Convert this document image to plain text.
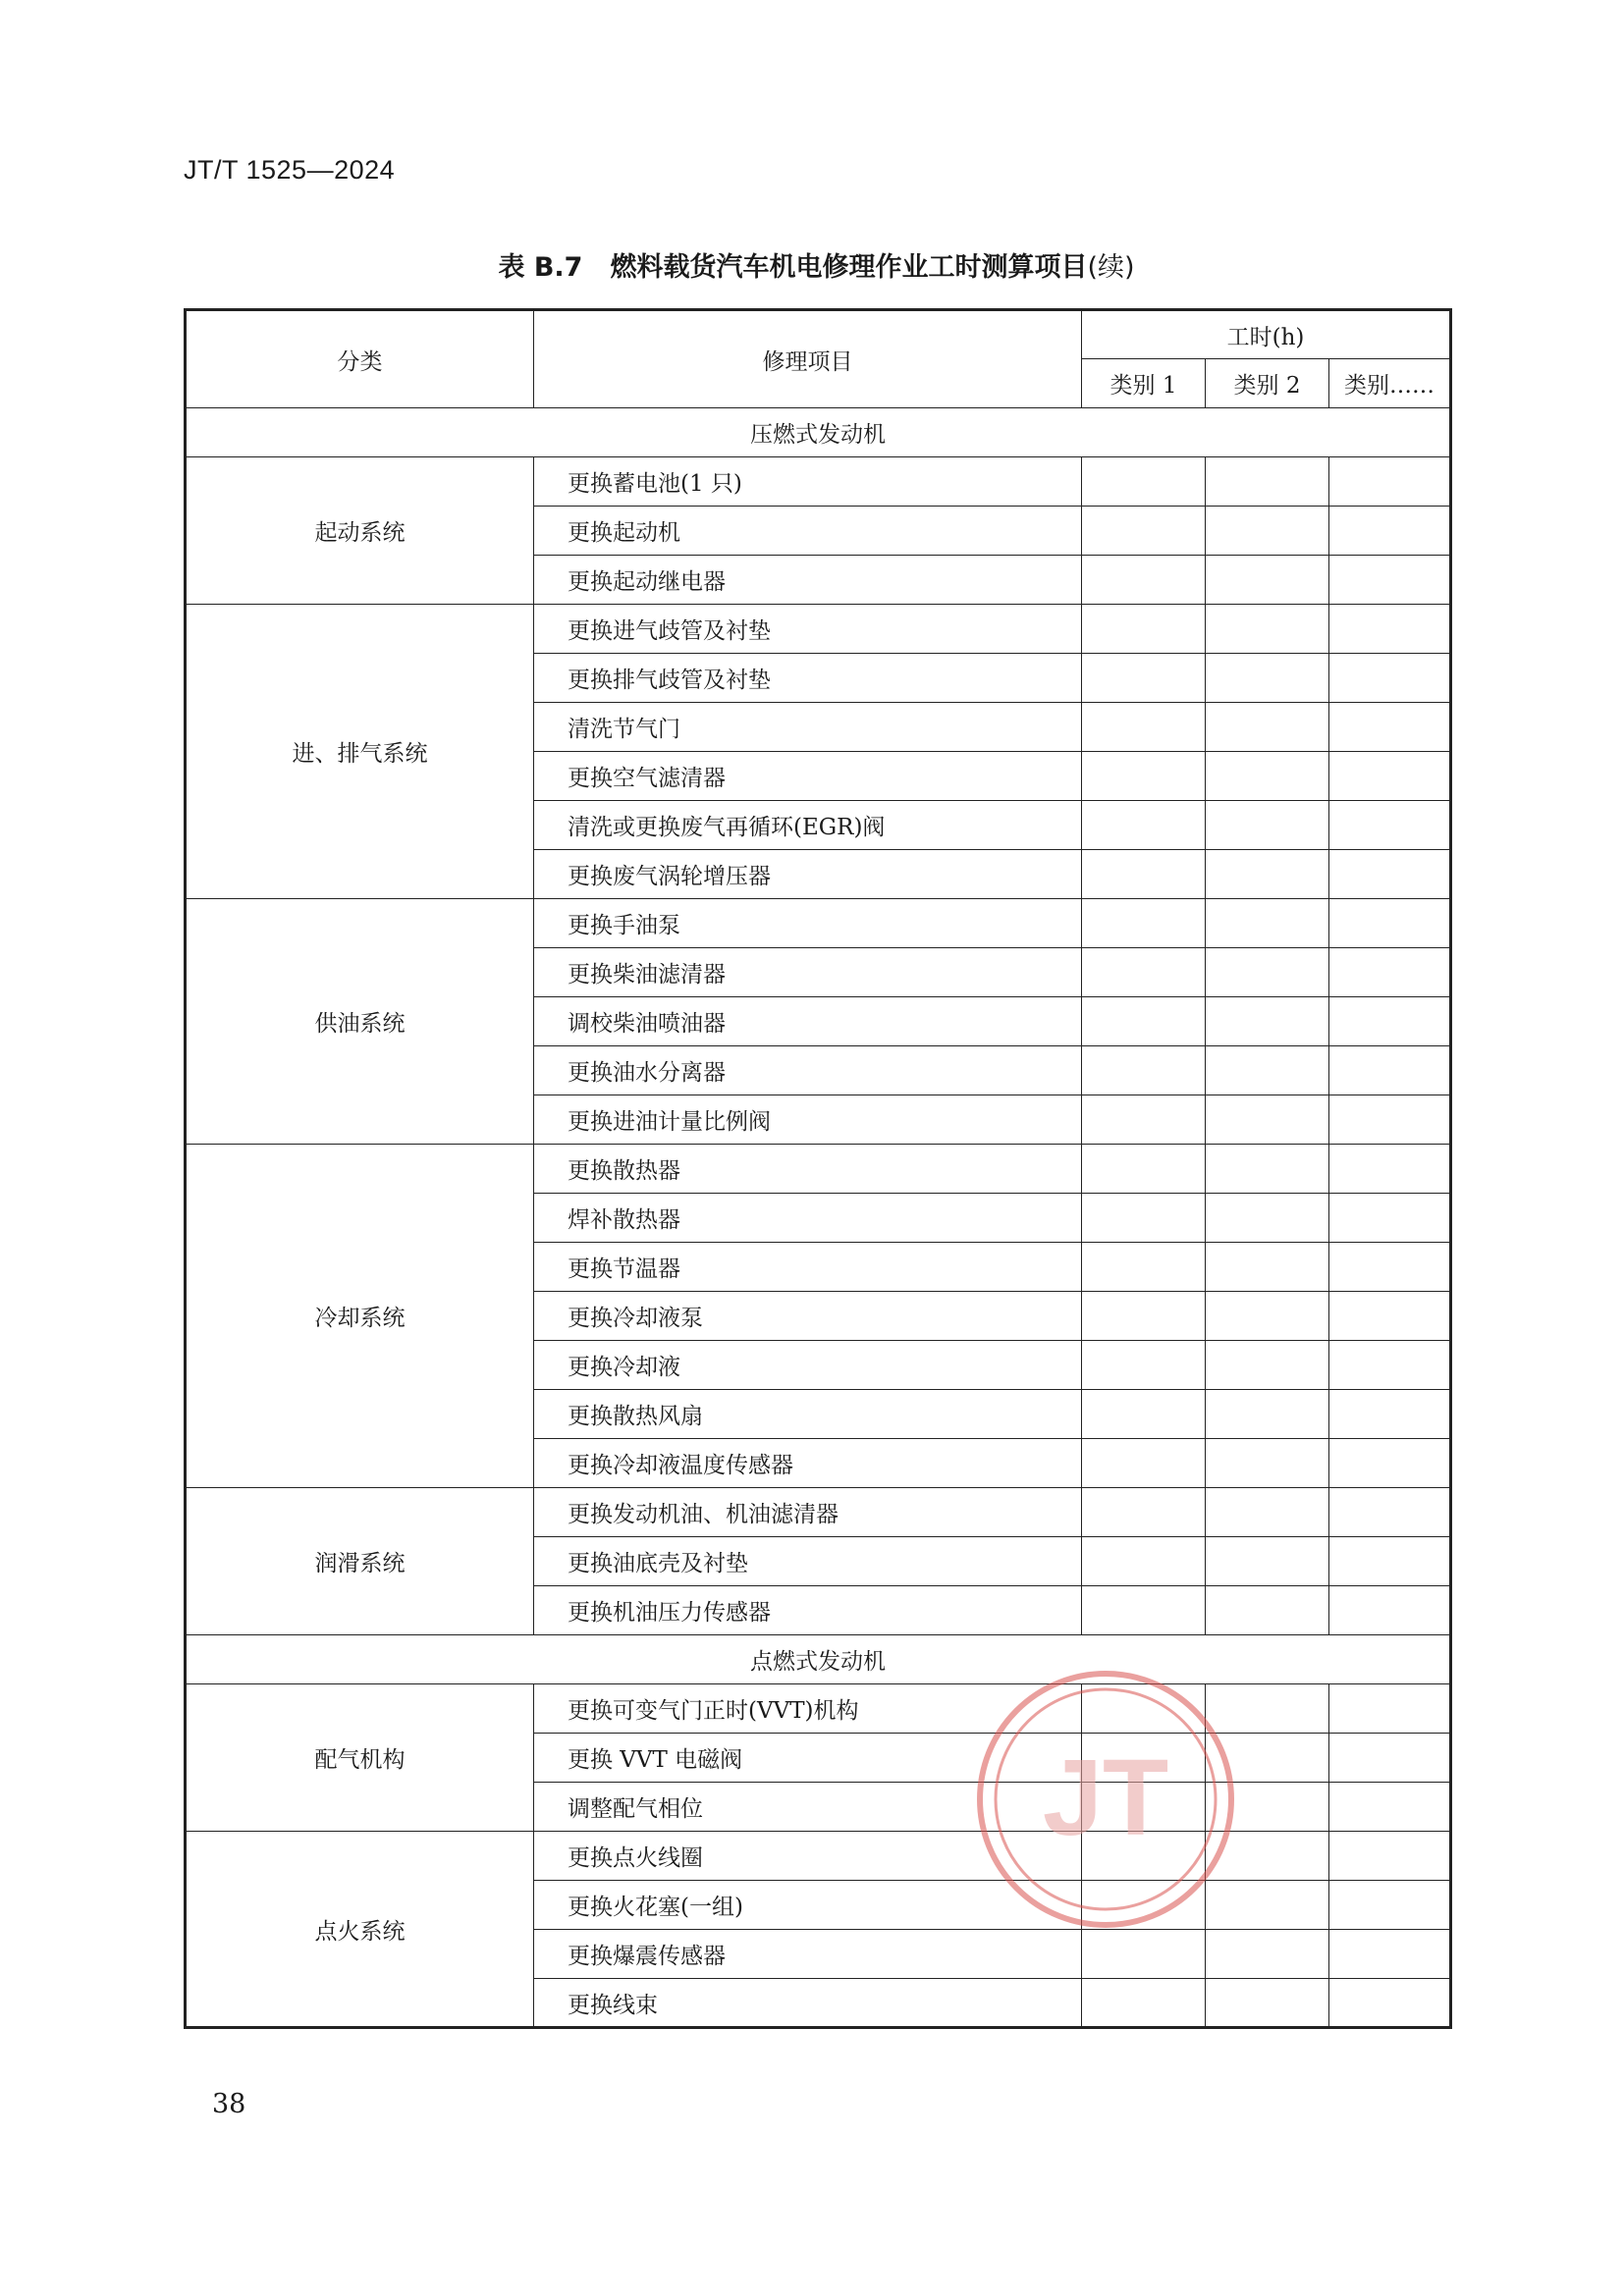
JT/T 1525—2024
表 B.7 燃料载货汽车机电修理作业工时测算项目(续)
分类	修理项目	工时(h)		
		类别 1	类别 2	类别……
压燃式发动机				
起动系统	更换蓄电池(1 只)			
	更换起动机			
	更换起动继电器			
进、排气系统	更换进气歧管及衬垫			
	更换排气歧管及衬垫			
	清洗节气门			
	更换空气滤清器			
	清洗或更换废气再循环(EGR)阀			
	更换废气涡轮增压器			
供油系统	更换手油泵			
	更换柴油滤清器			
	调校柴油喷油器			
	更换油水分离器			
	更换进油计量比例阀			
冷却系统	更换散热器			
	焊补散热器			
	更换节温器			
	更换冷却液泵			
	更换冷却液			
	更换散热风扇			
	更换冷却液温度传感器			
润滑系统	更换发动机油、机油滤清器			
	更换油底壳及衬垫			
	更换机油压力传感器			
点燃式发动机				
配气机构	更换可变气门正时(VVT)机构			
	更换 VVT 电磁阀			
	调整配气相位			
点火系统	更换点火线圈			
	更换火花塞(一组)			
	更换爆震传感器			
	更换线束			
JT
38
